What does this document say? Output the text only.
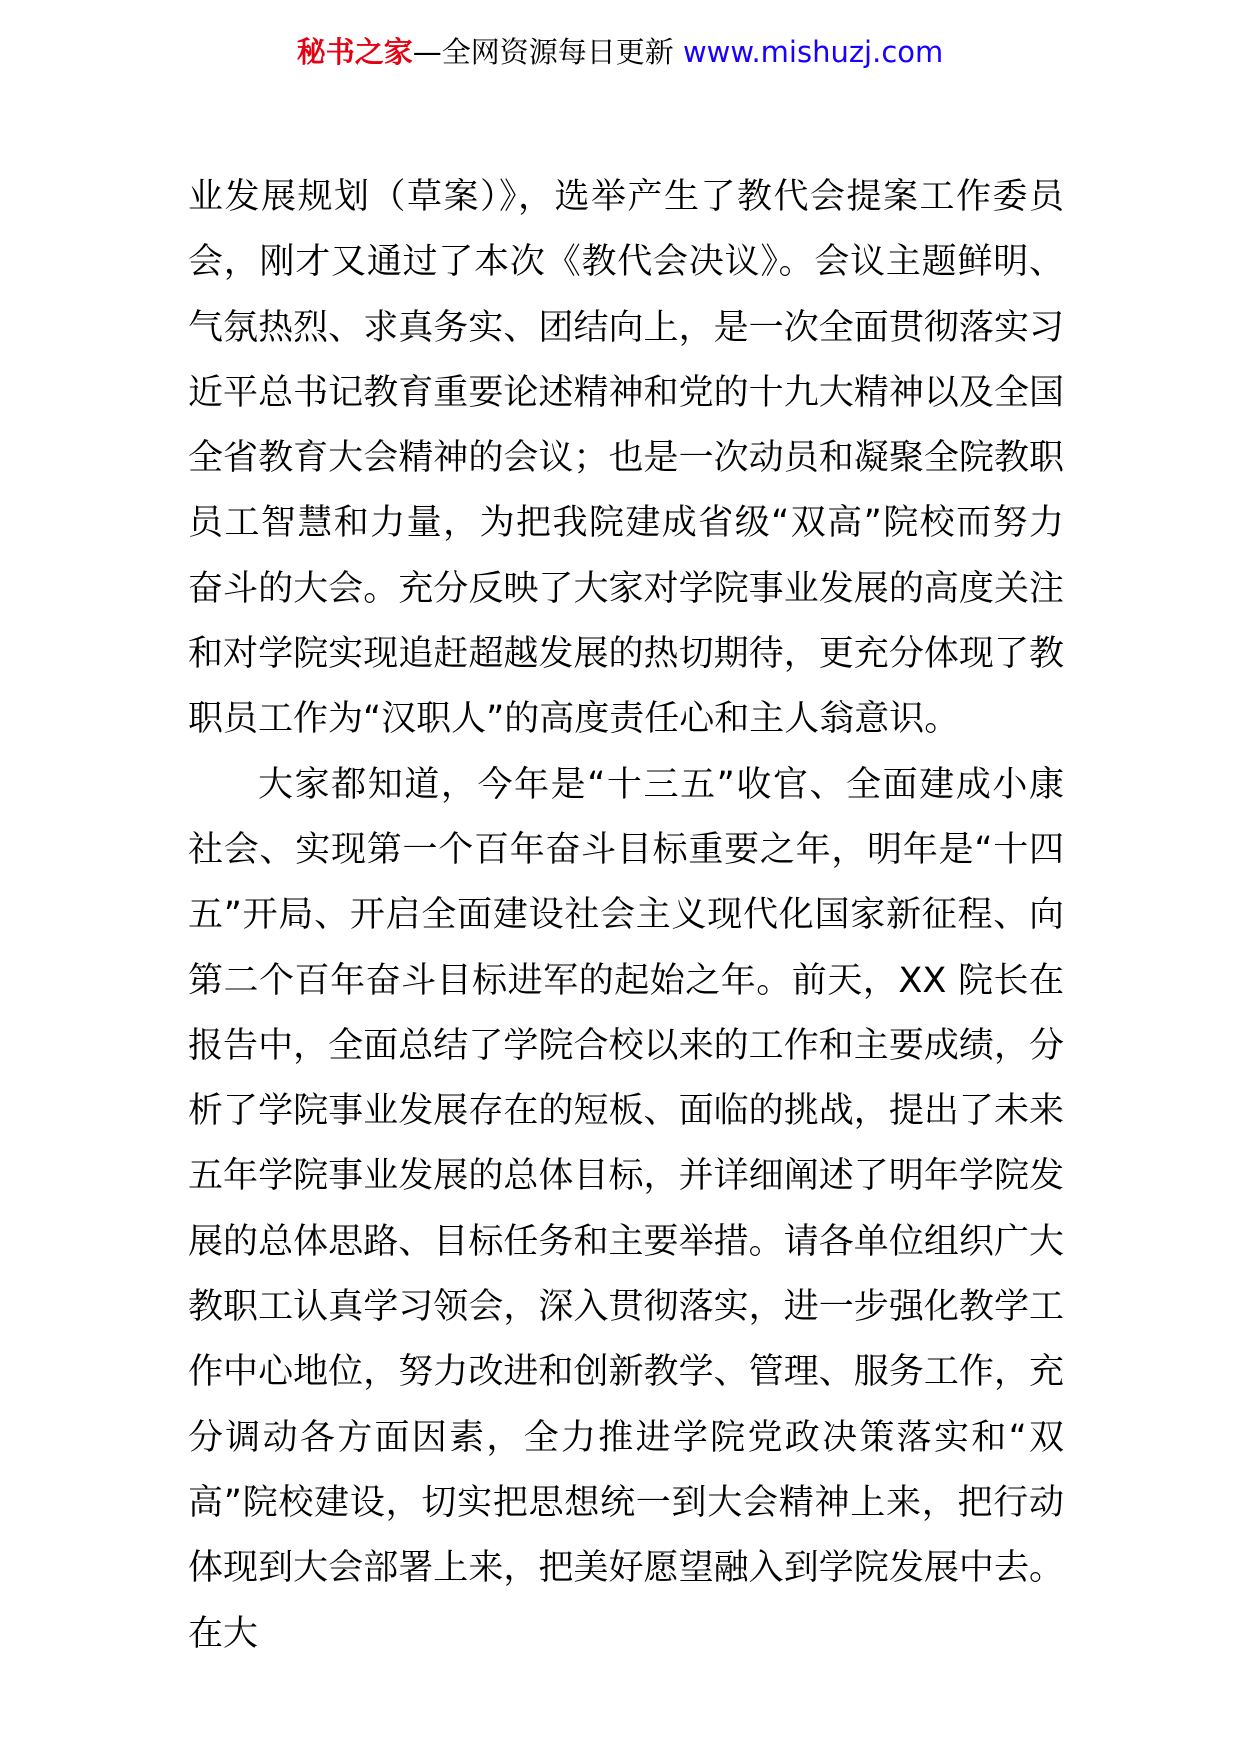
秘书之家—全网资源每日更新 www.mishuzj.com

业发展规划（草案）》，选举产生了教代会提案工作委员会，刚才又通过了本次《教代会决议》。会议主题鲜明、气氛热烈、求真务实、团结向上，是一次全面贯彻落实习近平总书记教育重要论述精神和党的十九大精神以及全国全省教育大会精神的会议；也是一次动员和凝聚全院教职员工智慧和力量，为把我院建成省级“双高”院校而努力奋斗的大会。充分反映了大家对学院事业发展的高度关注和对学院实现追赶超越发展的热切期待，更充分体现了教职员工作为“汉职人”的高度责任心和主人翁意识。

大家都知道，今年是“十三五”收官、全面建成小康社会、实现第一个百年奋斗目标重要之年，明年是“十四五”开局、开启全面建设社会主义现代化国家新征程、向第二个百年奋斗目标进军的起始之年。前天，XX 院长在报告中，全面总结了学院合校以来的工作和主要成绩，分析了学院事业发展存在的短板、面临的挑战，提出了未来五年学院事业发展的总体目标，并详细阐述了明年学院发展的总体思路、目标任务和主要举措。请各单位组织广大教职工认真学习领会，深入贯彻落实，进一步强化教学工作中心地位，努力改进和创新教学、管理、服务工作，充分调动各方面因素，全力推进学院党政决策落实和“双高”院校建设，切实把思想统一到大会精神上来，把行动体现到大会部署上来，把美好愿望融入到学院发展中去。在大
